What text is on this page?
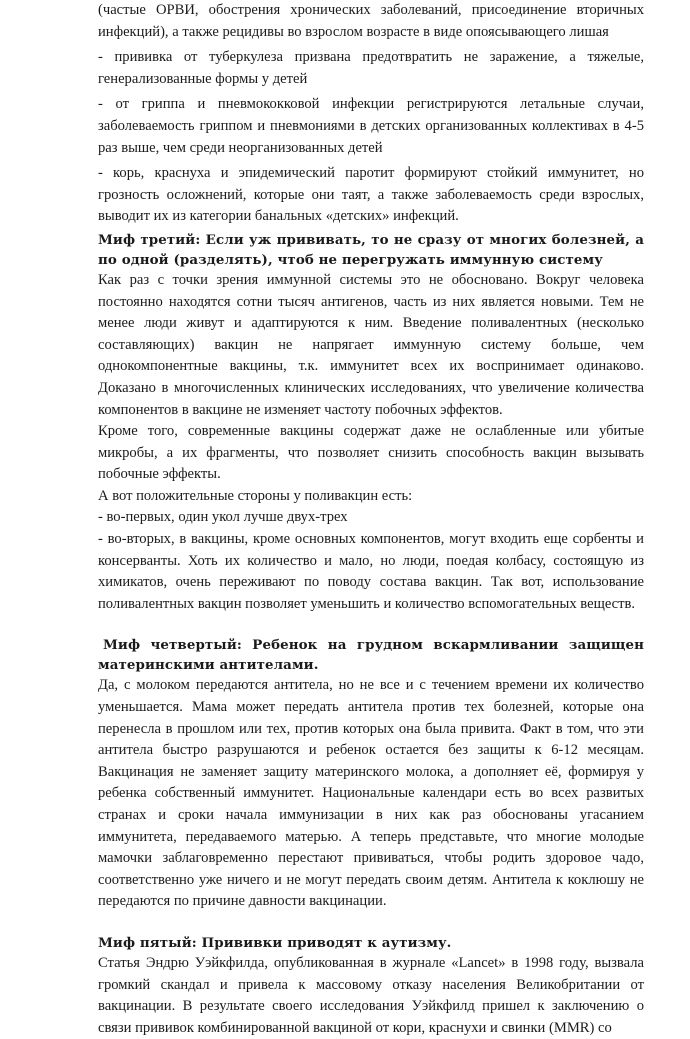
(частые ОРВИ, обострения хронических заболеваний, присоединение вторичных инфекций), а также рецидивы во взрослом возрасте в виде опоясывающего лишая

- прививка от туберкулеза призвана предотвратить не заражение, а тяжелые, генерализованные формы у детей

- от гриппа и пневмококковой инфекции регистрируются летальные случаи, заболеваемость гриппом и пневмониями в детских организованных коллективах в 4-5 раз выше, чем среди неорганизованных детей

- корь, краснуха и эпидемический паротит формируют стойкий иммунитет, но грозность осложнений, которые они таят, а также заболеваемость среди взрослых, выводит их из категории банальных «детских» инфекций.

Миф третий: Если уж прививать, то не сразу от многих болезней, а по одной (разделять), чтоб не перегружать иммунную систему

Как раз с точки зрения иммунной системы это не обосновано. Вокруг человека постоянно находятся сотни тысяч антигенов, часть из них является новыми. Тем не менее люди живут и адаптируются к ним. Введение поливалентных (несколько составляющих) вакцин не напрягает иммунную систему больше, чем однокомпонентные вакцины, т.к. иммунитет всех их воспринимает одинаково. Доказано в многочисленных клинических исследованиях, что увеличение количества компонентов в вакцине не изменяет частоту побочных эффектов.

Кроме того, современные вакцины содержат даже не ослабленные или убитые микробы, а их фрагменты, что позволяет снизить способность вакцин вызывать побочные эффекты.

А вот положительные стороны у поливакцин есть:

- во-первых, один укол лучше двух-трех

- во-вторых, в вакцины, кроме основных компонентов, могут входить еще сорбенты и консерванты. Хоть их количество и мало, но люди, поедая колбасу, состоящую из химикатов, очень переживают по поводу состава вакцин. Так вот, использование поливалентных вакцин позволяет уменьшить и количество вспомогательных веществ.

Миф четвертый: Ребенок на грудном вскармливании защищен материнскими антителами.

Да, с молоком передаются антитела, но не все и с течением времени их количество уменьшается. Мама может передать антитела против тех болезней, которые она перенесла в прошлом или тех, против которых она была привита. Факт в том, что эти антитела быстро разрушаются и ребенок остается без защиты к 6-12 месяцам. Вакцинация не заменяет защиту материнского молока, а дополняет её, формируя у ребенка собственный иммунитет. Национальные календари есть во всех развитых странах и сроки начала иммунизации в них как раз обоснованы угасанием иммунитета, передаваемого матерью. А теперь представьте, что многие молодые мамочки заблаговременно перестают прививаться, чтобы родить здоровое чадо, соответственно уже ничего и не могут передать своим детям. Антитела к коклюшу не передаются по причине давности вакцинации.

Миф пятый: Прививки приводят к аутизму.

Статья Эндрю Уэйкфилда, опубликованная в журнале «Lancet» в 1998 году, вызвала громкий скандал и привела к массовому отказу населения Великобритании от вакцинации. В результате своего исследования Уэйкфилд пришел к заключению о связи прививок комбинированной вакциной от кори, краснухи и свинки (MMR) со
